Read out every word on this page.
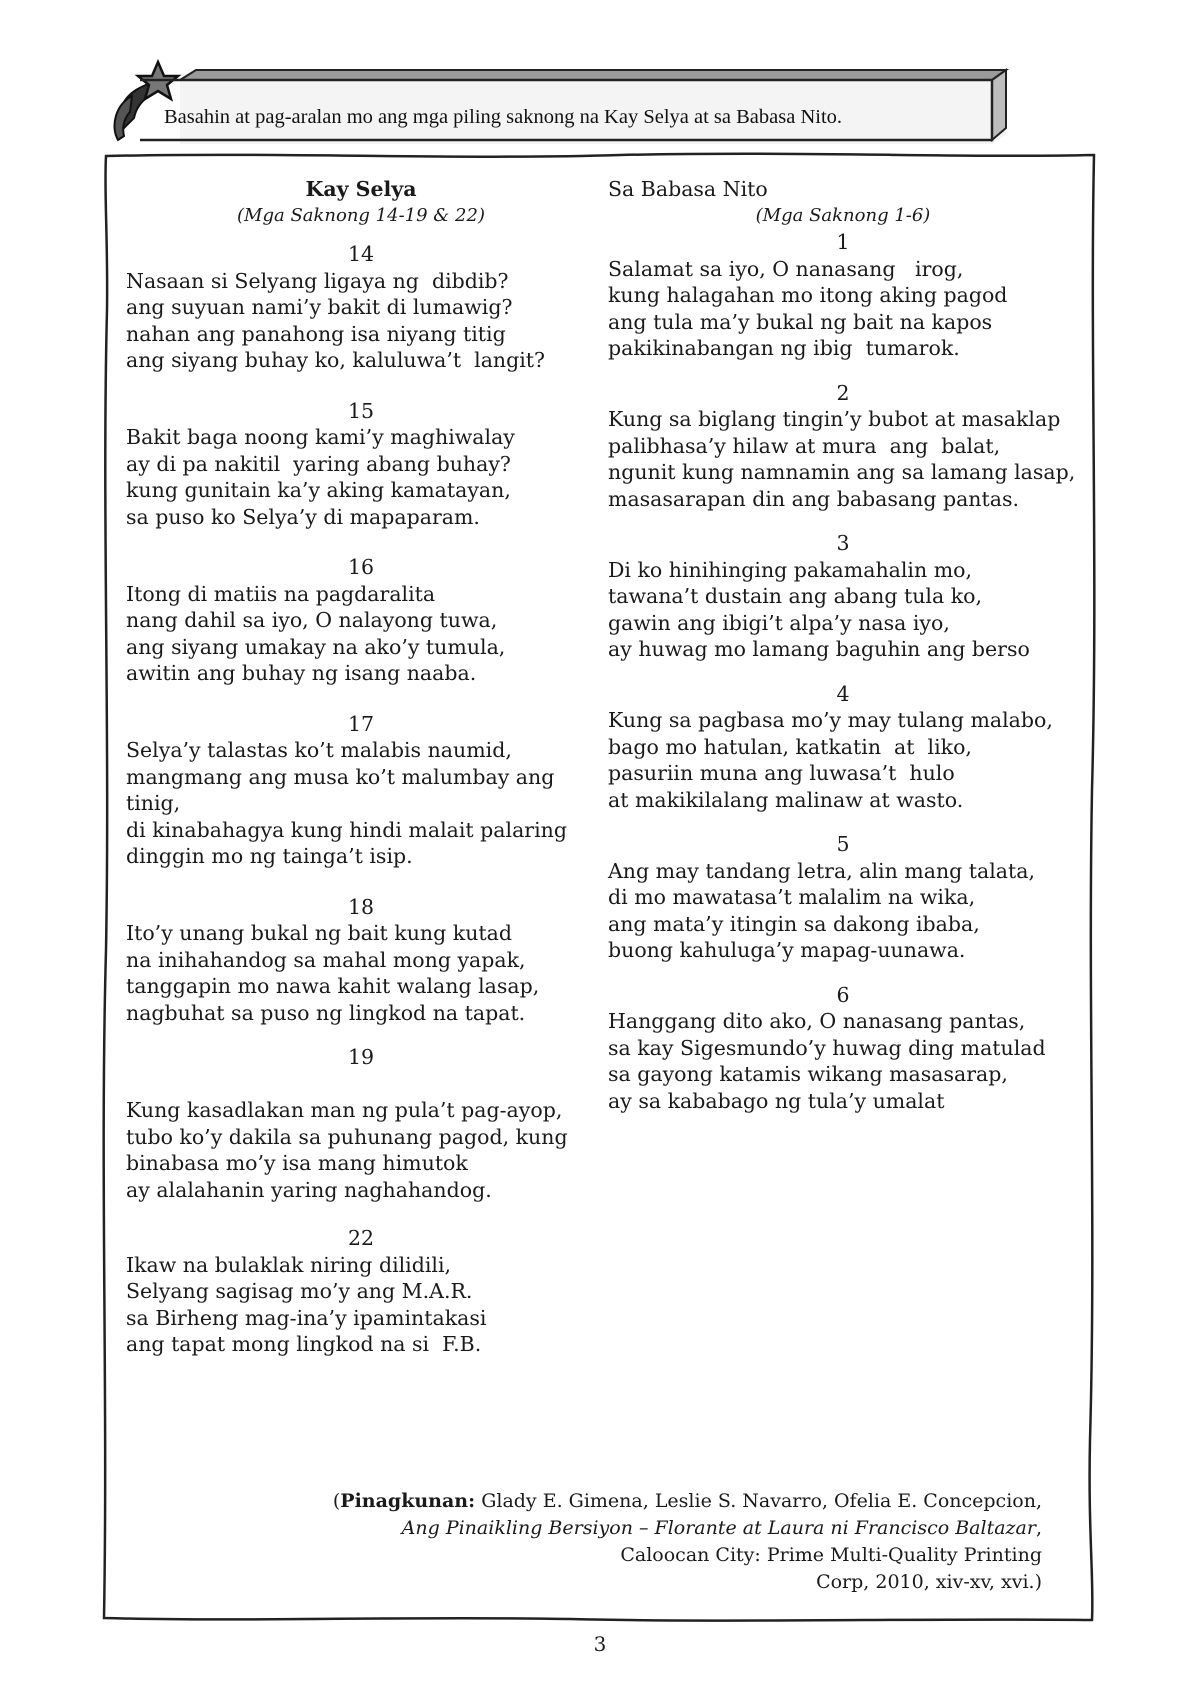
Basahin at pag-aralan mo ang mga piling saknong na Kay Selya at sa Babasa Nito.
Kay Selya
(Mga Saknong 14-19 & 22)
14
Nasaan si Selyang ligaya ng  dibdib?
ang suyuan nami’y bakit di lumawig?
nahan ang panahong isa niyang titig
ang siyang buhay ko, kaluluwa’t  langit?
15
Bakit baga noong kami’y maghiwalay
ay di pa nakitil  yaring abang buhay?
kung gunitain ka’y aking kamatayan,
sa puso ko Selya’y di mapaparam.
16
Itong di matiis na pagdaralita
nang dahil sa iyo, O nalayong tuwa,
ang siyang umakay na ako’y tumula,
awitin ang buhay ng isang naaba.
17
Selya’y talastas ko’t malabis naumid,
mangmang ang musa ko’t malumbay ang tinig,
di kinabahagya kung hindi malait palaring
dinggin mo ng tainga’t isip.
18
Ito’y unang bukal ng bait kung kutad
na inihahandog sa mahal mong yapak,
tanggapin mo nawa kahit walang lasap,
nagbuhat sa puso ng lingkod na tapat.
19
Kung kasadlakan man ng pula’t pag-ayop, tubo ko’y dakila sa puhunang pagod, kung binabasa mo’y isa mang himutok
ay alalahanin yaring naghahandog.
22
Ikaw na bulaklak niring dilidili,
Selyang sagisag mo’y ang M.A.R.
sa Birheng mag-ina’y ipamintakasi
ang tapat mong lingkod na si  F.B.
Sa Babasa Nito
(Mga Saknong 1-6)
1
Salamat sa iyo, O nanasang   irog,
kung halagahan mo itong aking pagod
ang tula ma’y bukal ng bait na kapos
pakikinabangan ng ibig  tumarok.
2
Kung sa biglang tingin’y bubot at masaklap
palibhasa’y hilaw at mura  ang  balat,
ngunit kung namnamin ang sa lamang lasap,
masasarapan din ang babasang pantas.
3
Di ko hinihinging pakamahalin mo,
tawana’t dustain ang abang tula ko,
gawin ang ibigi’t alpa’y nasa iyo,
ay huwag mo lamang baguhin ang berso
4
Kung sa pagbasa mo’y may tulang malabo,
bago mo hatulan, katkatin  at  liko,
pasuriin muna ang luwasa’t  hulo
at makikilalang malinaw at wasto.
5
Ang may tandang letra, alin mang talata,
di mo mawatasa’t malalim na wika,
ang mata’y itingin sa dakong ibaba,
buong kahuluga’y mapag-uunawa.
6
Hanggang dito ako, O nanasang pantas,
sa kay Sigesmundo’y huwag ding matulad
sa gayong katamis wikang masasarap,
ay sa kababago ng tula’y umalat
(Pinagkunan: Glady E. Gimena, Leslie S. Navarro, Ofelia E. Concepcion,
Ang Pinaikling Bersiyon – Florante at Laura ni Francisco Baltazar,
Caloocan City: Prime Multi-Quality Printing
Corp, 2010, xiv-xv, xvi.)
3
